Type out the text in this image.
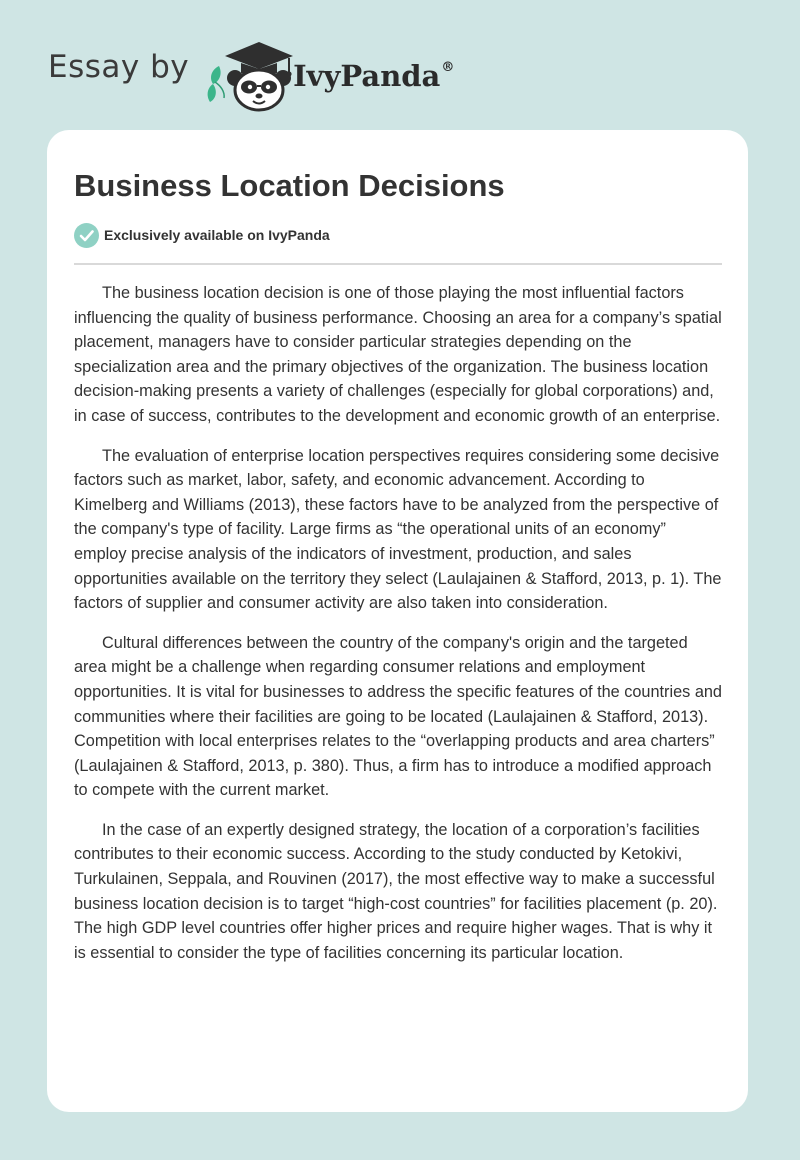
Essay by	IvyPanda®
Business Location Decisions
Exclusively available on IvyPanda

The business location decision is one of those playing the most influential factors influencing the quality of business performance. Choosing an area for a company’s spatial placement, managers have to consider particular strategies depending on the specialization area and the primary objectives of the organization. The business location decision-making presents a variety of challenges (especially for global corporations) and, in case of success, contributes to the development and economic growth of an enterprise.

The evaluation of enterprise location perspectives requires considering some decisive factors such as market, labor, safety, and economic advancement. According to Kimelberg and Williams (2013), these factors have to be analyzed from the perspective of the company's type of facility. Large firms as “the operational units of an economy” employ precise analysis of the indicators of investment, production, and sales opportunities available on the territory they select (Laulajainen & Stafford, 2013, p. 1). The factors of supplier and consumer activity are also taken into consideration.

Cultural differences between the country of the company's origin and the targeted area might be a challenge when regarding consumer relations and employment opportunities. It is vital for businesses to address the specific features of the countries and communities where their facilities are going to be located (Laulajainen & Stafford, 2013). Competition with local enterprises relates to the “overlapping products and area charters” (Laulajainen & Stafford, 2013, p. 380). Thus, a firm has to introduce a modified approach to compete with the current market.

In the case of an expertly designed strategy, the location of a corporation’s facilities contributes to their economic success. According to the study conducted by Ketokivi, Turkulainen, Seppala, and Rouvinen (2017), the most effective way to make a successful business location decision is to target “high-cost countries” for facilities placement (p. 20). The high GDP level countries offer higher prices and require higher wages. That is why it is essential to consider the type of facilities concerning its particular location.
